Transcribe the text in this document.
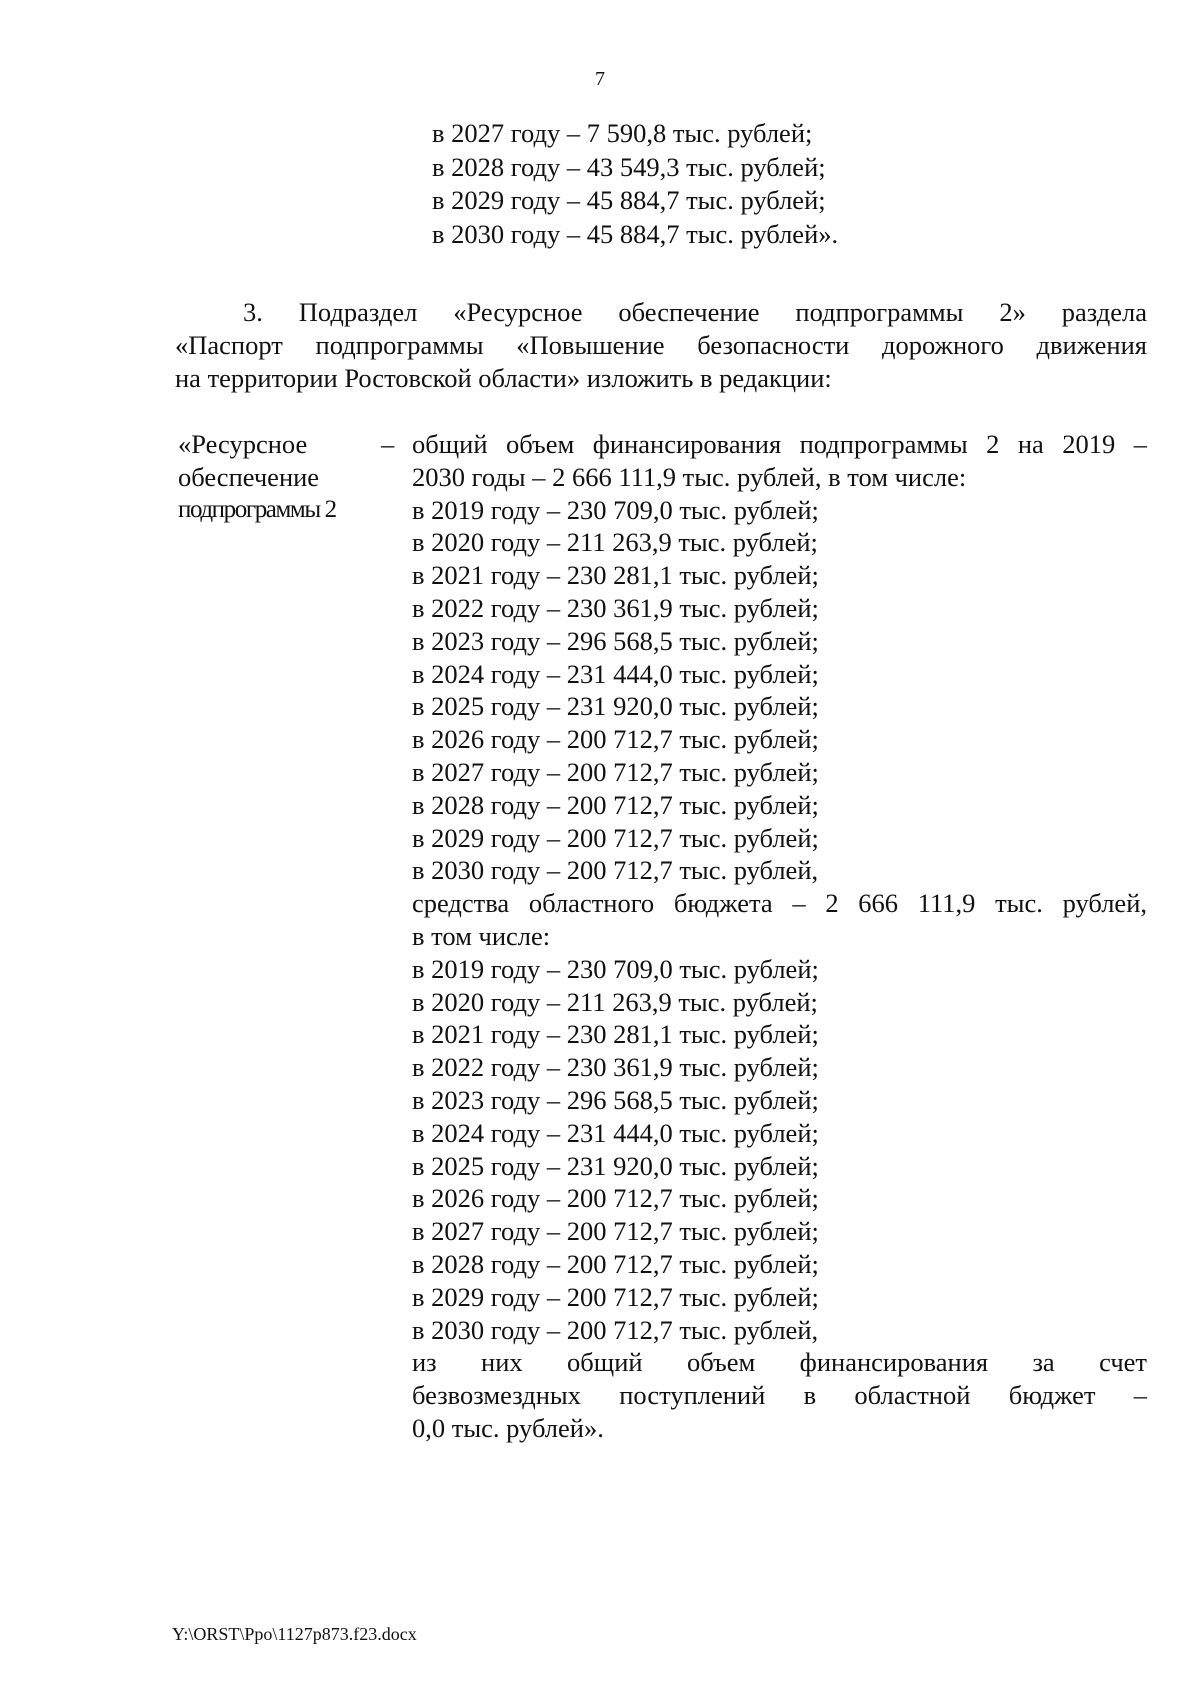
7
в 2027 году – 7 590,8 тыс. рублей;
в 2028 году – 43 549,3 тыс. рублей;
в 2029 году – 45 884,7 тыс. рублей;
в 2030 году – 45 884,7 тыс. рублей».
3. Подраздел «Ресурсное обеспечение подпрограммы 2» раздела
«Паспорт подпрограммы «Повышение безопасности дорожного движения
на территории Ростовской области» изложить в редакции:
«Ресурсное
обеспечение
подпрограммы 2
– общий объем финансирования подпрограммы 2 на 2019 –
2030 годы – 2 666 111,9 тыс. рублей, в том числе:
в 2019 году – 230 709,0 тыс. рублей;
в 2020 году – 211 263,9 тыс. рублей;
в 2021 году – 230 281,1 тыс. рублей;
в 2022 году – 230 361,9 тыс. рублей;
в 2023 году – 296 568,5 тыс. рублей;
в 2024 году – 231 444,0 тыс. рублей;
в 2025 году – 231 920,0 тыс. рублей;
в 2026 году – 200 712,7 тыс. рублей;
в 2027 году – 200 712,7 тыс. рублей;
в 2028 году – 200 712,7 тыс. рублей;
в 2029 году – 200 712,7 тыс. рублей;
в 2030 году – 200 712,7 тыс. рублей,
средства областного бюджета – 2 666 111,9 тыс. рублей,
в том числе:
в 2019 году – 230 709,0 тыс. рублей;
в 2020 году – 211 263,9 тыс. рублей;
в 2021 году – 230 281,1 тыс. рублей;
в 2022 году – 230 361,9 тыс. рублей;
в 2023 году – 296 568,5 тыс. рублей;
в 2024 году – 231 444,0 тыс. рублей;
в 2025 году – 231 920,0 тыс. рублей;
в 2026 году – 200 712,7 тыс. рублей;
в 2027 году – 200 712,7 тыс. рублей;
в 2028 году – 200 712,7 тыс. рублей;
в 2029 году – 200 712,7 тыс. рублей;
в 2030 году – 200 712,7 тыс. рублей,
из них общий объем финансирования за счет
безвозмездных поступлений в областной бюджет –
0,0 тыс. рублей».
Y:\ORST\Ppo\1127p873.f23.docx
